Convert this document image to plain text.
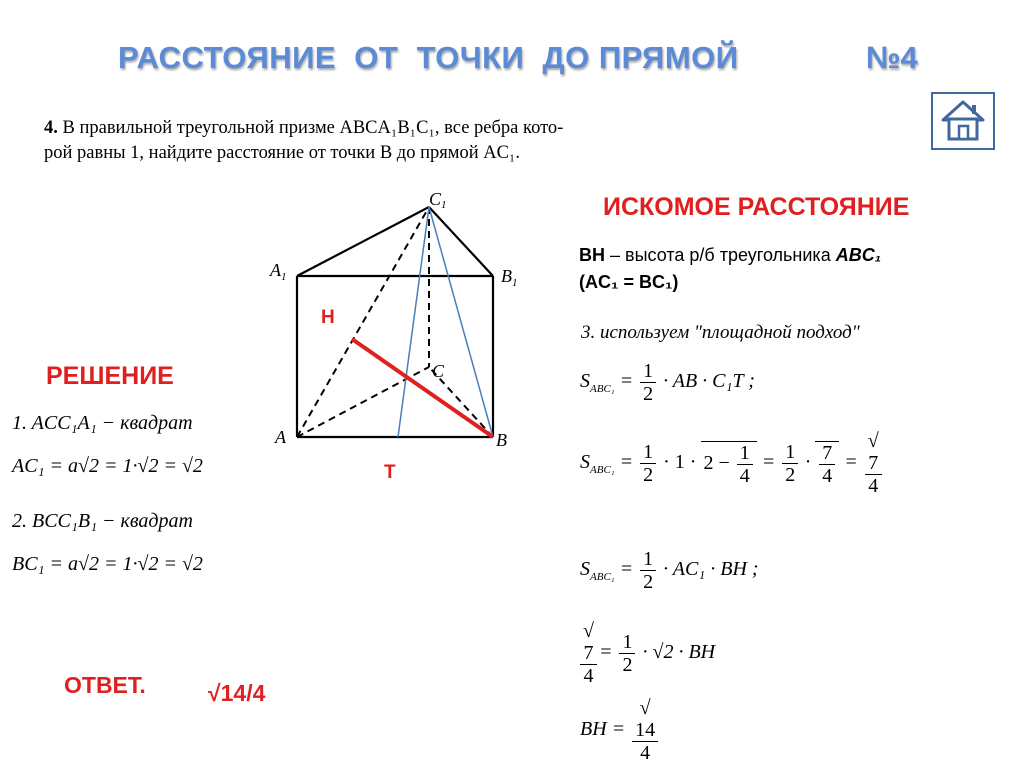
РАССТОЯНИЕ  ОТ  ТОЧКИ  ДО ПРЯМОЙ	№4
4. В правильной треугольной призме ABCA₁B₁C₁, все ребра кото-
рой равны 1, найдите расстояние от точки B до прямой AC₁.
C1
$A_1$	$B_1$
C
A	B
H
T
ИСКОМОЕ РАССТОЯНИЕ
BH – высота р/б треугольника ABC₁
(AC₁ = BC₁)
3. используем "площадной подход"
$S_{ABC_1} = \frac{1}{2}$ · AB · C₁T ;
$S_{ABC_1} = \frac{1}{2} \cdot 1 \cdot 2 - \frac{1}{4} = \frac{1}{2} \cdot \frac{7}{4}$ = √
7
4
$S_{ABC_1} = \frac{1}{2} \cdot AC_1$ · BH ;
√
7
$4 = \frac{1}{2} \cdot √2$ · BH
BH = √
14
4
РЕШЕНИЕ
1. ACC₁A₁ − квадрат
AC₁ = a√2 = 1·√2 = √2
2. BCC₁B₁ − квадрат
BC₁ = a√2 = 1·√2 = √2
ОТВЕТ.	√14/4
